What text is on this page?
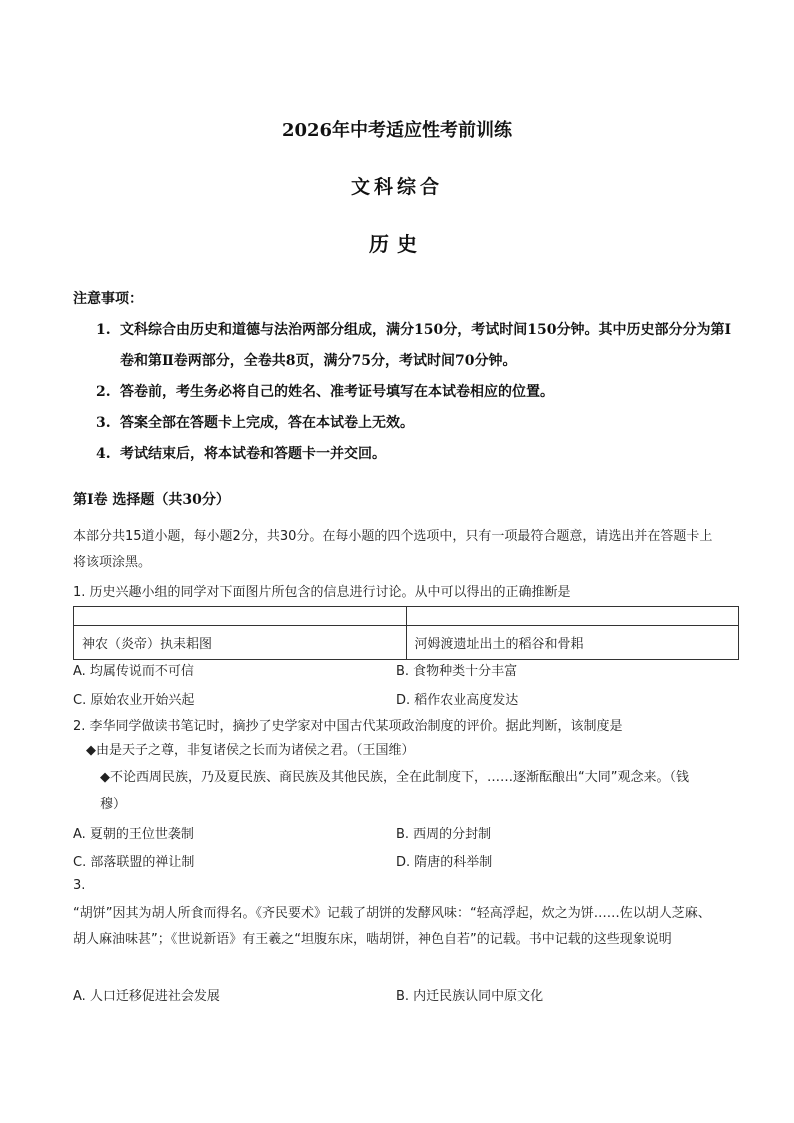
2026年中考适应性考前训练
文科综合
历史
注意事项：
1. 文科综合由历史和道德与法治两部分组成，满分150分，考试时间150分钟。其中历史部分分为第Ⅰ卷和第Ⅱ卷两部分，全卷共8页，满分75分，考试时间70分钟。
2. 答卷前，考生务必将自己的姓名、准考证号填写在本试卷相应的位置。
3. 答案全部在答题卡上完成，答在本试卷上无效。
4. 考试结束后，将本试卷和答题卡一并交回。
第Ⅰ卷 选择题（共30分）
本部分共15道小题，每小题2分，共30分。在每小题的四个选项中，只有一项最符合题意，请选出并在答题卡上将该项涂黑。
1. 历史兴趣小组的同学对下面图片所包含的信息进行讨论。从中可以得出的正确推断是

神农（炎帝）执耒耜图	河姆渡遗址出土的稻谷和骨耜
A. 均属传说而不可信	B. 食物种类十分丰富
C. 原始农业开始兴起	D. 稻作农业高度发达
2. 李华同学做读书笔记时，摘抄了史学家对中国古代某项政治制度的评价。据此判断，该制度是
◆由是天子之尊，非复诸侯之长而为诸侯之君。（王国维）
◆不论西周民族，乃及夏民族、商民族及其他民族，全在此制度下，……逐渐酝酿出“大同”观念来。（钱穆）
A. 夏朝的王位世袭制	B. 西周的分封制
C. 部落联盟的禅让制	D. 隋唐的科举制
3.
“胡饼”因其为胡人所食而得名。《齐民要术》记载了胡饼的发酵风味：“轻高浮起，炊之为饼……佐以胡人芝麻、胡人麻油味甚”；《世说新语》有王羲之“坦腹东床，啮胡饼，神色自若”的记载。书中记载的这些现象说明
A. 人口迁移促进社会发展	B. 内迁民族认同中原文化
